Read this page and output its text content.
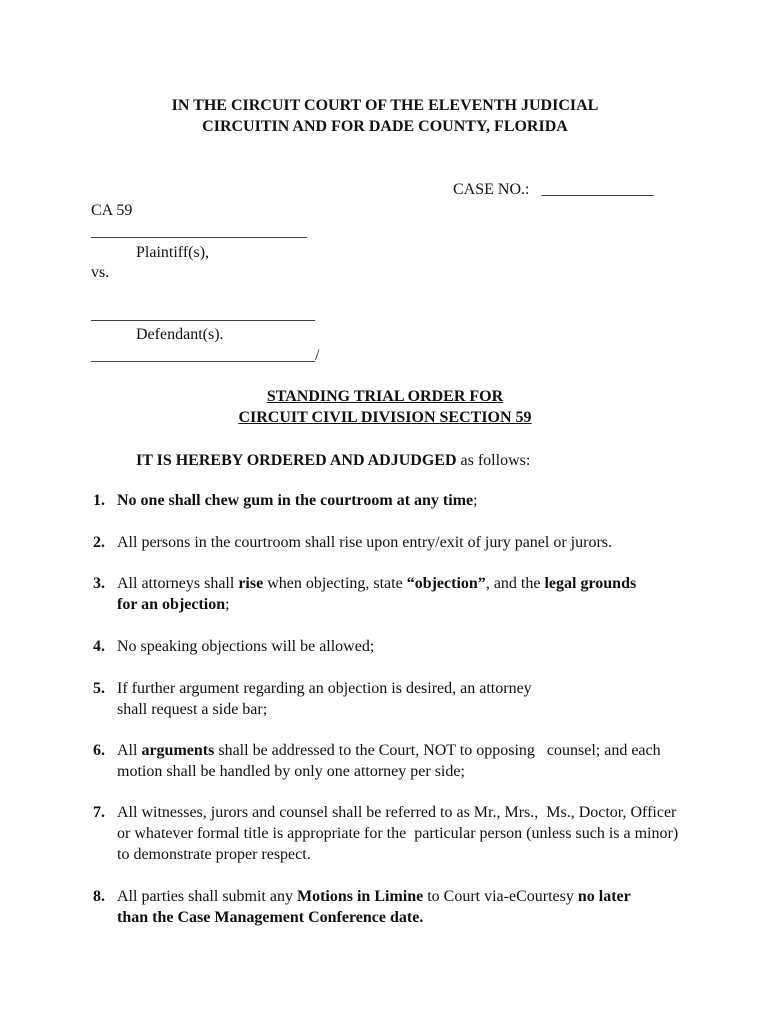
IN THE CIRCUIT COURT OF THE ELEVENTH JUDICIAL
CIRCUITIN AND FOR DADE COUNTY, FLORIDA
CASE NO.: ______________
CA 59
___________________________
Plaintiff(s),
vs.
____________________________
Defendant(s).
____________________________/
STANDING TRIAL ORDER FOR
CIRCUIT CIVIL DIVISION SECTION 59
IT IS HEREBY ORDERED AND ADJUDGED as follows:
1. No one shall chew gum in the courtroom at any time;
2. All persons in the courtroom shall rise upon entry/exit of jury panel or jurors.
3. All attorneys shall rise when objecting, state “objection”, and the legal grounds for an objection;
4. No speaking objections will be allowed;
5. If further argument regarding an objection is desired, an attorney
shall request a side bar;
6. All arguments shall be addressed to the Court, NOT to opposing   counsel; and each motion shall be handled by only one attorney per side;
7. All witnesses, jurors and counsel shall be referred to as Mr., Mrs.,  Ms., Doctor, Officer or whatever formal title is appropriate for the  particular person (unless such is a minor) to demonstrate proper respect.
8. All parties shall submit any Motions in Limine to Court via-eCourtesy no later than the Case Management Conference date.
